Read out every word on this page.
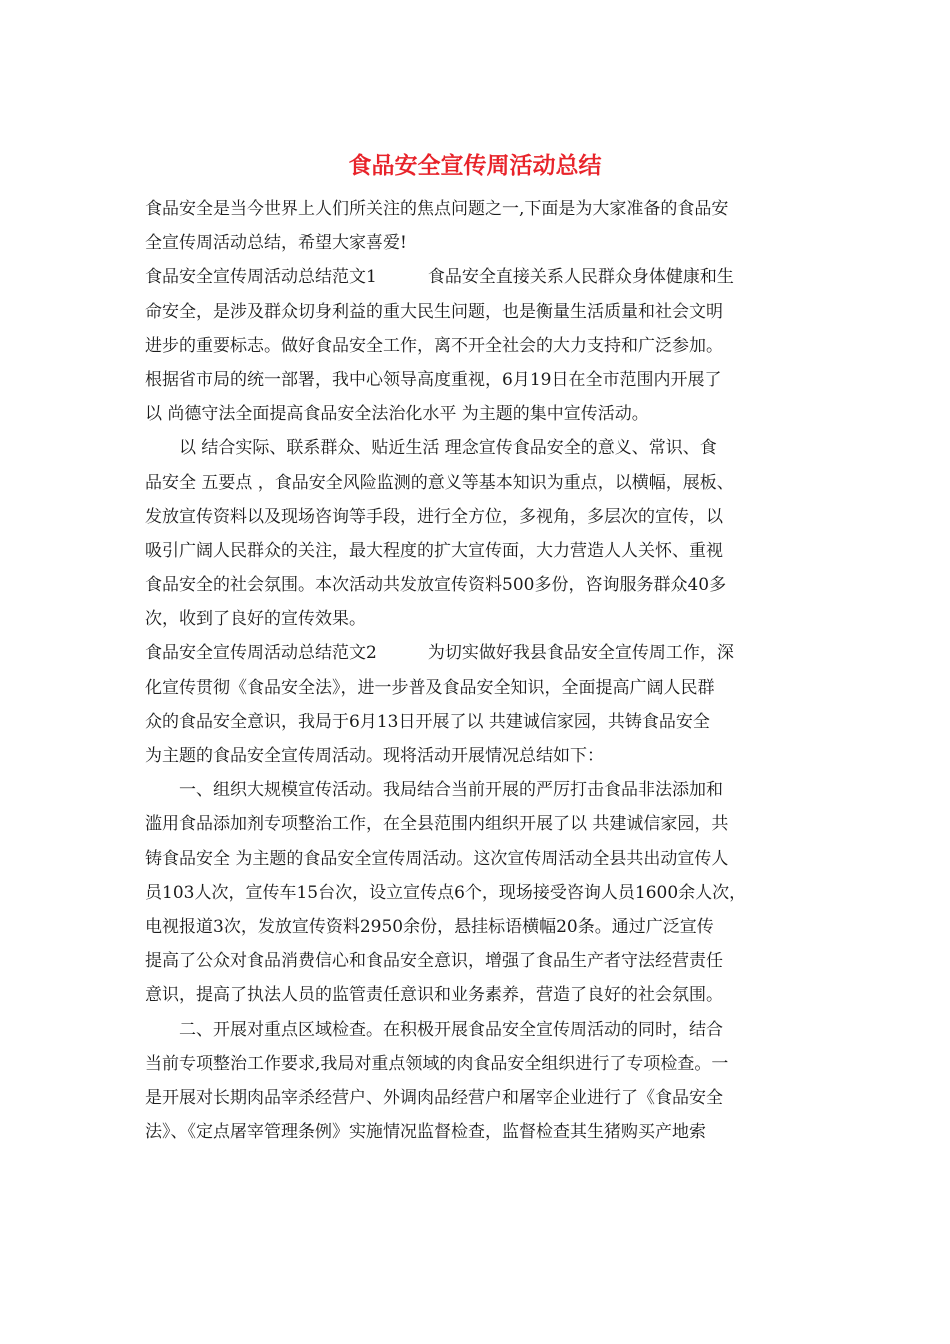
食品安全宣传周活动总结
食品安全是当今世界上人们所关注的焦点问题之一,下面是为大家准备的食品安
全宣传周活动总结，希望大家喜爱!
食品安全宣传周活动总结范文1　　　食品安全直接关系人民群众身体健康和生
命安全，是涉及群众切身利益的重大民生问题，也是衡量生活质量和社会文明
进步的重要标志。做好食品安全工作，离不开全社会的大力支持和广泛参加。
根据省市局的统一部署，我中心领导高度重视，6月19日在全市范围内开展了
以 尚德守法全面提高食品安全法治化水平 为主题的集中宣传活动。
　　以 结合实际、联系群众、贴近生活 理念宣传食品安全的意义、常识、食
品安全 五要点 ，食品安全风险监测的意义等基本知识为重点，以横幅，展板、
发放宣传资料以及现场咨询等手段，进行全方位，多视角，多层次的宣传，以
吸引广阔人民群众的关注，最大程度的扩大宣传面，大力营造人人关怀、重视
食品安全的社会氛围。本次活动共发放宣传资料500多份，咨询服务群众40多
次，收到了良好的宣传效果。
食品安全宣传周活动总结范文2　　　为切实做好我县食品安全宣传周工作，深
化宣传贯彻《食品安全法》，进一步普及食品安全知识，全面提高广阔人民群
众的食品安全意识，我局于6月13日开展了以 共建诚信家园，共铸食品安全
为主题的食品安全宣传周活动。现将活动开展情况总结如下：
　　一、组织大规模宣传活动。我局结合当前开展的严厉打击食品非法添加和
滥用食品添加剂专项整治工作，在全县范围内组织开展了以 共建诚信家园，共
铸食品安全 为主题的食品安全宣传周活动。这次宣传周活动全县共出动宣传人
员103人次，宣传车15台次，设立宣传点6个，现场接受咨询人员1600余人次，
电视报道3次，发放宣传资料2950余份，悬挂标语横幅20条。通过广泛宣传
提高了公众对食品消费信心和食品安全意识，增强了食品生产者守法经营责任
意识，提高了执法人员的监管责任意识和业务素养，营造了良好的社会氛围。
　　二、开展对重点区域检查。在积极开展食品安全宣传周活动的同时，结合
当前专项整治工作要求,我局对重点领域的肉食品安全组织进行了专项检查。一
是开展对长期肉品宰杀经营户、外调肉品经营户和屠宰企业进行了《食品安全
法》、《定点屠宰管理条例》实施情况监督检查，监督检查其生猪购买产地索
